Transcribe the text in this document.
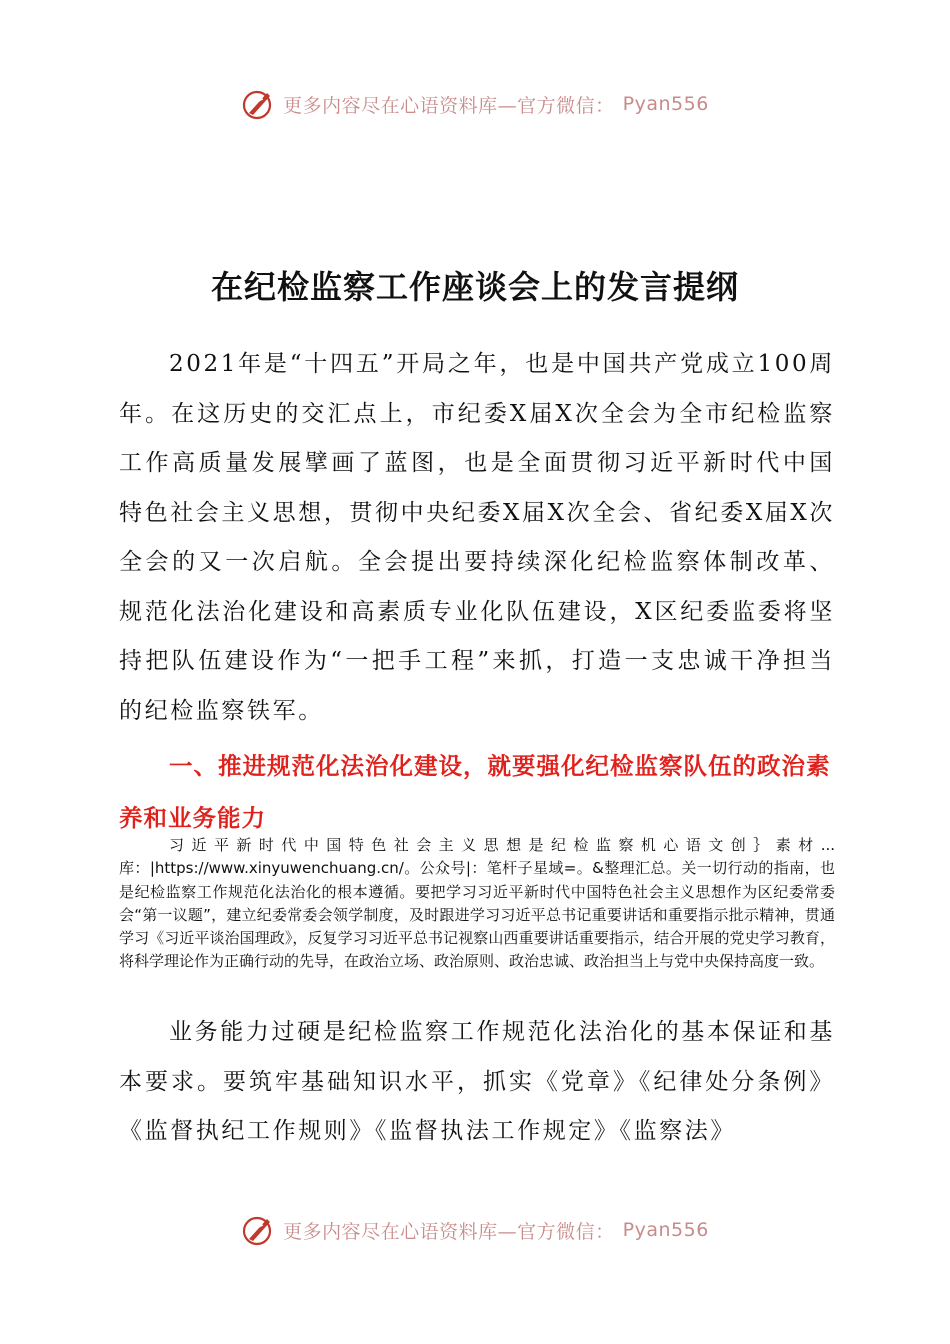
更多内容尽在心语资料库—官方微信： Pyan556
在纪检监察工作座谈会上的发言提纲

2021年是“十四五”开局之年，也是中国共产党成立100周年。在这历史的交汇点上，市纪委X届X次全会为全市纪检监察工作高质量发展擘画了蓝图，也是全面贯彻习近平新时代中国特色社会主义思想，贯彻中央纪委X届X次全会、省纪委X届X次全会的又一次启航。全会提出要持续深化纪检监察体制改革、规范化法治化建设和高素质专业化队伍建设，X区纪委监委将坚持把队伍建设作为“一把手工程”来抓，打造一支忠诚干净担当的纪检监察铁军。

一、推进规范化法治化建设，就要强化纪检监察队伍的政治素养和业务能力

习近平新时代中国特色社会主义思想是纪检监察机心语文创｝素材...库：|https://www.xinyuwenchuang.cn/。公众号|：笔杆子星域=。&整理汇总。关一切行动的指南，也是纪检监察工作规范化法治化的根本遵循。要把学习习近平新时代中国特色社会主义思想作为区纪委常委会“第一议题”，建立纪委常委会领学制度，及时跟进学习习近平总书记重要讲话和重要指示批示精神，贯通学习《习近平谈治国理政》，反复学习习近平总书记视察山西重要讲话重要指示，结合开展的党史学习教育，将科学理论作为正确行动的先导，在政治立场、政治原则、政治忠诚、政治担当上与党中央保持高度一致。

业务能力过硬是纪检监察工作规范化法治化的基本保证和基本要求。要筑牢基础知识水平，抓实《党章》《纪律处分条例》《监督执纪工作规则》《监督执法工作规定》《监察法》

更多内容尽在心语资料库—官方微信： Pyan556
